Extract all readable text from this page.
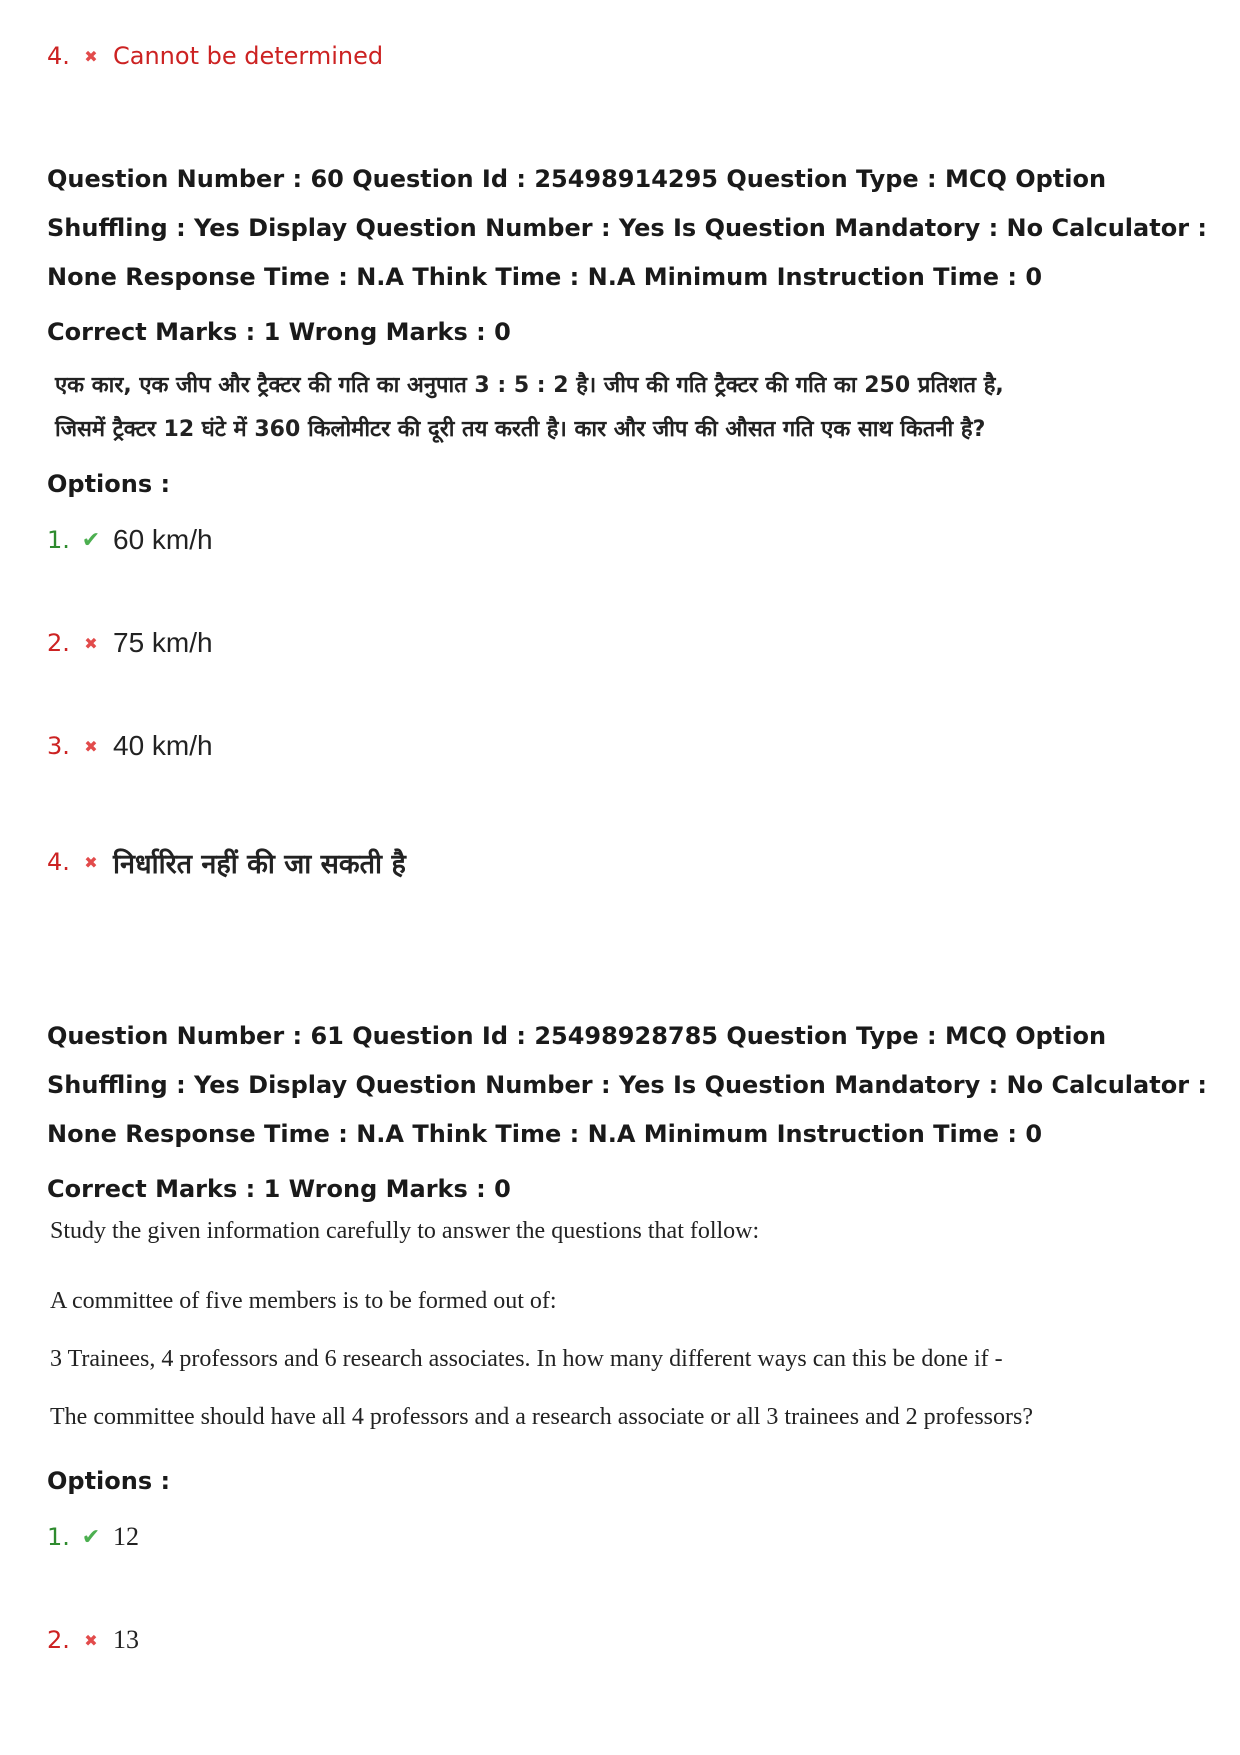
4. ✖ Cannot be determined
Question Number : 60 Question Id : 25498914295 Question Type : MCQ Option Shuffling : Yes Display Question Number : Yes Is Question Mandatory : No Calculator : None Response Time : N.A Think Time : N.A Minimum Instruction Time : 0
Correct Marks : 1 Wrong Marks : 0
एक कार, एक जीप और ट्रैक्टर की गति का अनुपात 3 : 5 : 2 है। जीप की गति ट्रैक्टर की गति का 250 प्रतिशत है,
जिसमें ट्रैक्टर 12 घंटे में 360 किलोमीटर की दूरी तय करती है। कार और जीप की औसत गति एक साथ कितनी है?
Options :
1. ✔ 60 km/h
2. ✖ 75 km/h
3. ✖ 40 km/h
4. ✖ निर्धारित नहीं की जा सकती है
Question Number : 61 Question Id : 25498928785 Question Type : MCQ Option Shuffling : Yes Display Question Number : Yes Is Question Mandatory : No Calculator : None Response Time : N.A Think Time : N.A Minimum Instruction Time : 0
Correct Marks : 1 Wrong Marks : 0
Study the given information carefully to answer the questions that follow:
A committee of five members is to be formed out of:
3 Trainees, 4 professors and 6 research associates. In how many different ways can this be done if -
The committee should have all 4 professors and a research associate or all 3 trainees and 2 professors?
Options :
1. ✔ 12
2. ✖ 13
